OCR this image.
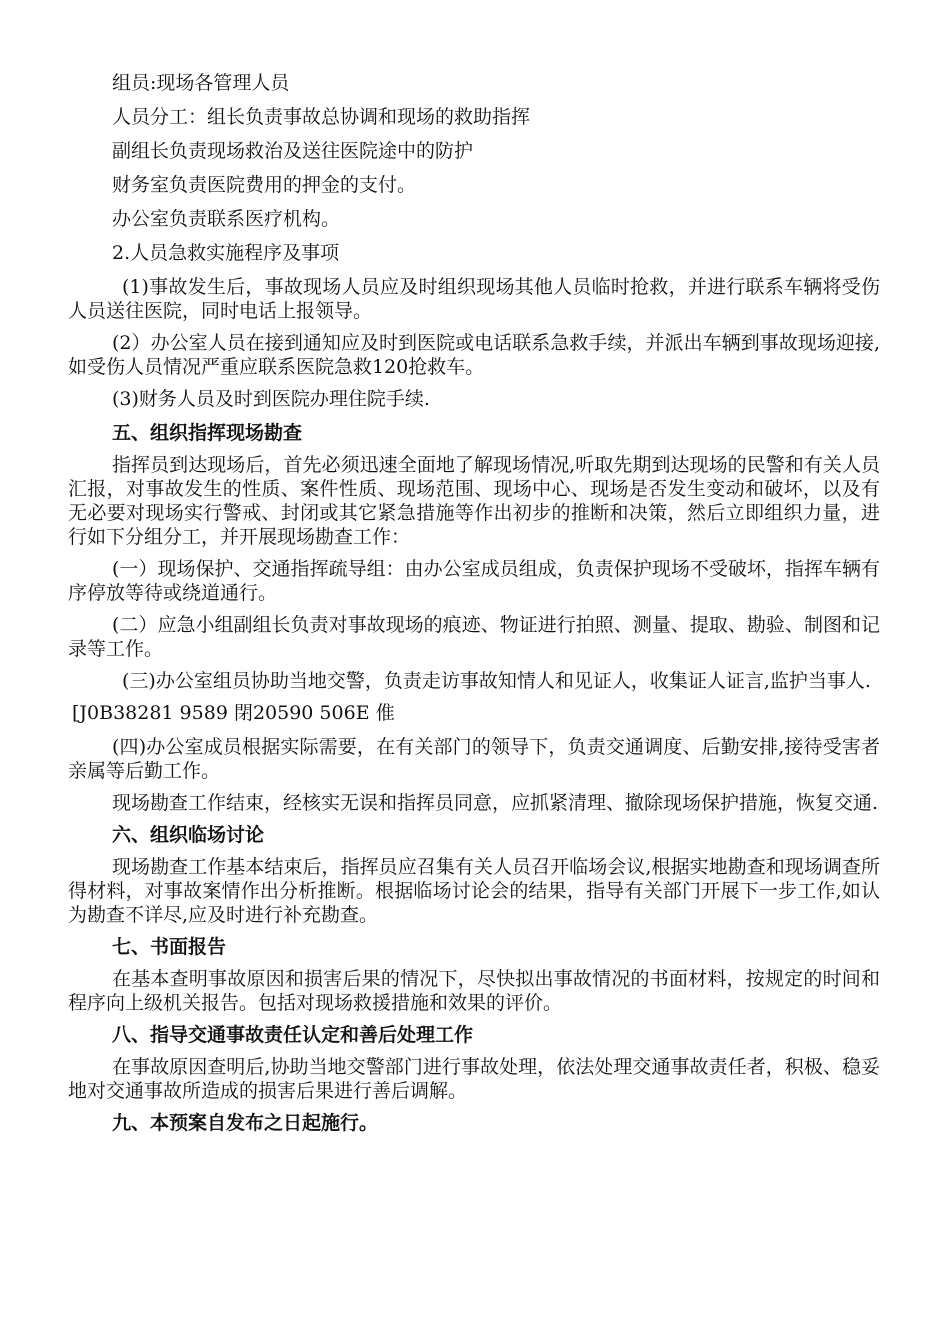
组员:现场各管理人员

人员分工：组长负责事故总协调和现场的救助指挥

副组长负责现场救治及送往医院途中的防护

财务室负责医院费用的押金的支付。

办公室负责联系医疗机构。

2.人员急救实施程序及事项

(1)事故发生后，事故现场人员应及时组织现场其他人员临时抢救，并进行联系车辆将受伤人员送往医院，同时电话上报领导。

(2）办公室人员在接到通知应及时到医院或电话联系急救手续，并派出车辆到事故现场迎接,如受伤人员情况严重应联系医院急救120抢救车。

(3)财务人员及时到医院办理住院手续.

五、组织指挥现场勘查

指挥员到达现场后，首先必须迅速全面地了解现场情况,听取先期到达现场的民警和有关人员汇报，对事故发生的性质、案件性质、现场范围、现场中心、现场是否发生变动和破坏，以及有无必要对现场实行警戒、封闭或其它紧急措施等作出初步的推断和决策，然后立即组织力量，进行如下分组分工，并开展现场勘查工作：

(一）现场保护、交通指挥疏导组：由办公室成员组成，负责保护现场不受破坏，指挥车辆有序停放等待或绕道通行。

(二）应急小组副组长负责对事故现场的痕迹、物证进行拍照、测量、提取、勘验、制图和记录等工作。

(三)办公室组员协助当地交警，负责走访事故知情人和见证人，收集证人证言,监护当事人.

[J0B38281 9589 閉20590 506E 倠

(四)办公室成员根据实际需要，在有关部门的领导下，负责交通调度、后勤安排,接待受害者亲属等后勤工作。

现场勘查工作结束，经核实无误和指挥员同意，应抓紧清理、撤除现场保护措施，恢复交通.

六、组织临场讨论

现场勘查工作基本结束后，指挥员应召集有关人员召开临场会议,根据实地勘查和现场调查所得材料，对事故案情作出分析推断。根据临场讨论会的结果，指导有关部门开展下一步工作,如认为勘查不详尽,应及时进行补充勘查。

七、书面报告

在基本查明事故原因和损害后果的情况下，尽快拟出事故情况的书面材料，按规定的时间和程序向上级机关报告。包括对现场救援措施和效果的评价。

八、指导交通事故责任认定和善后处理工作

在事故原因查明后,协助当地交警部门进行事故处理，依法处理交通事故责任者，积极、稳妥地对交通事故所造成的损害后果进行善后调解。

九、本预案自发布之日起施行。
